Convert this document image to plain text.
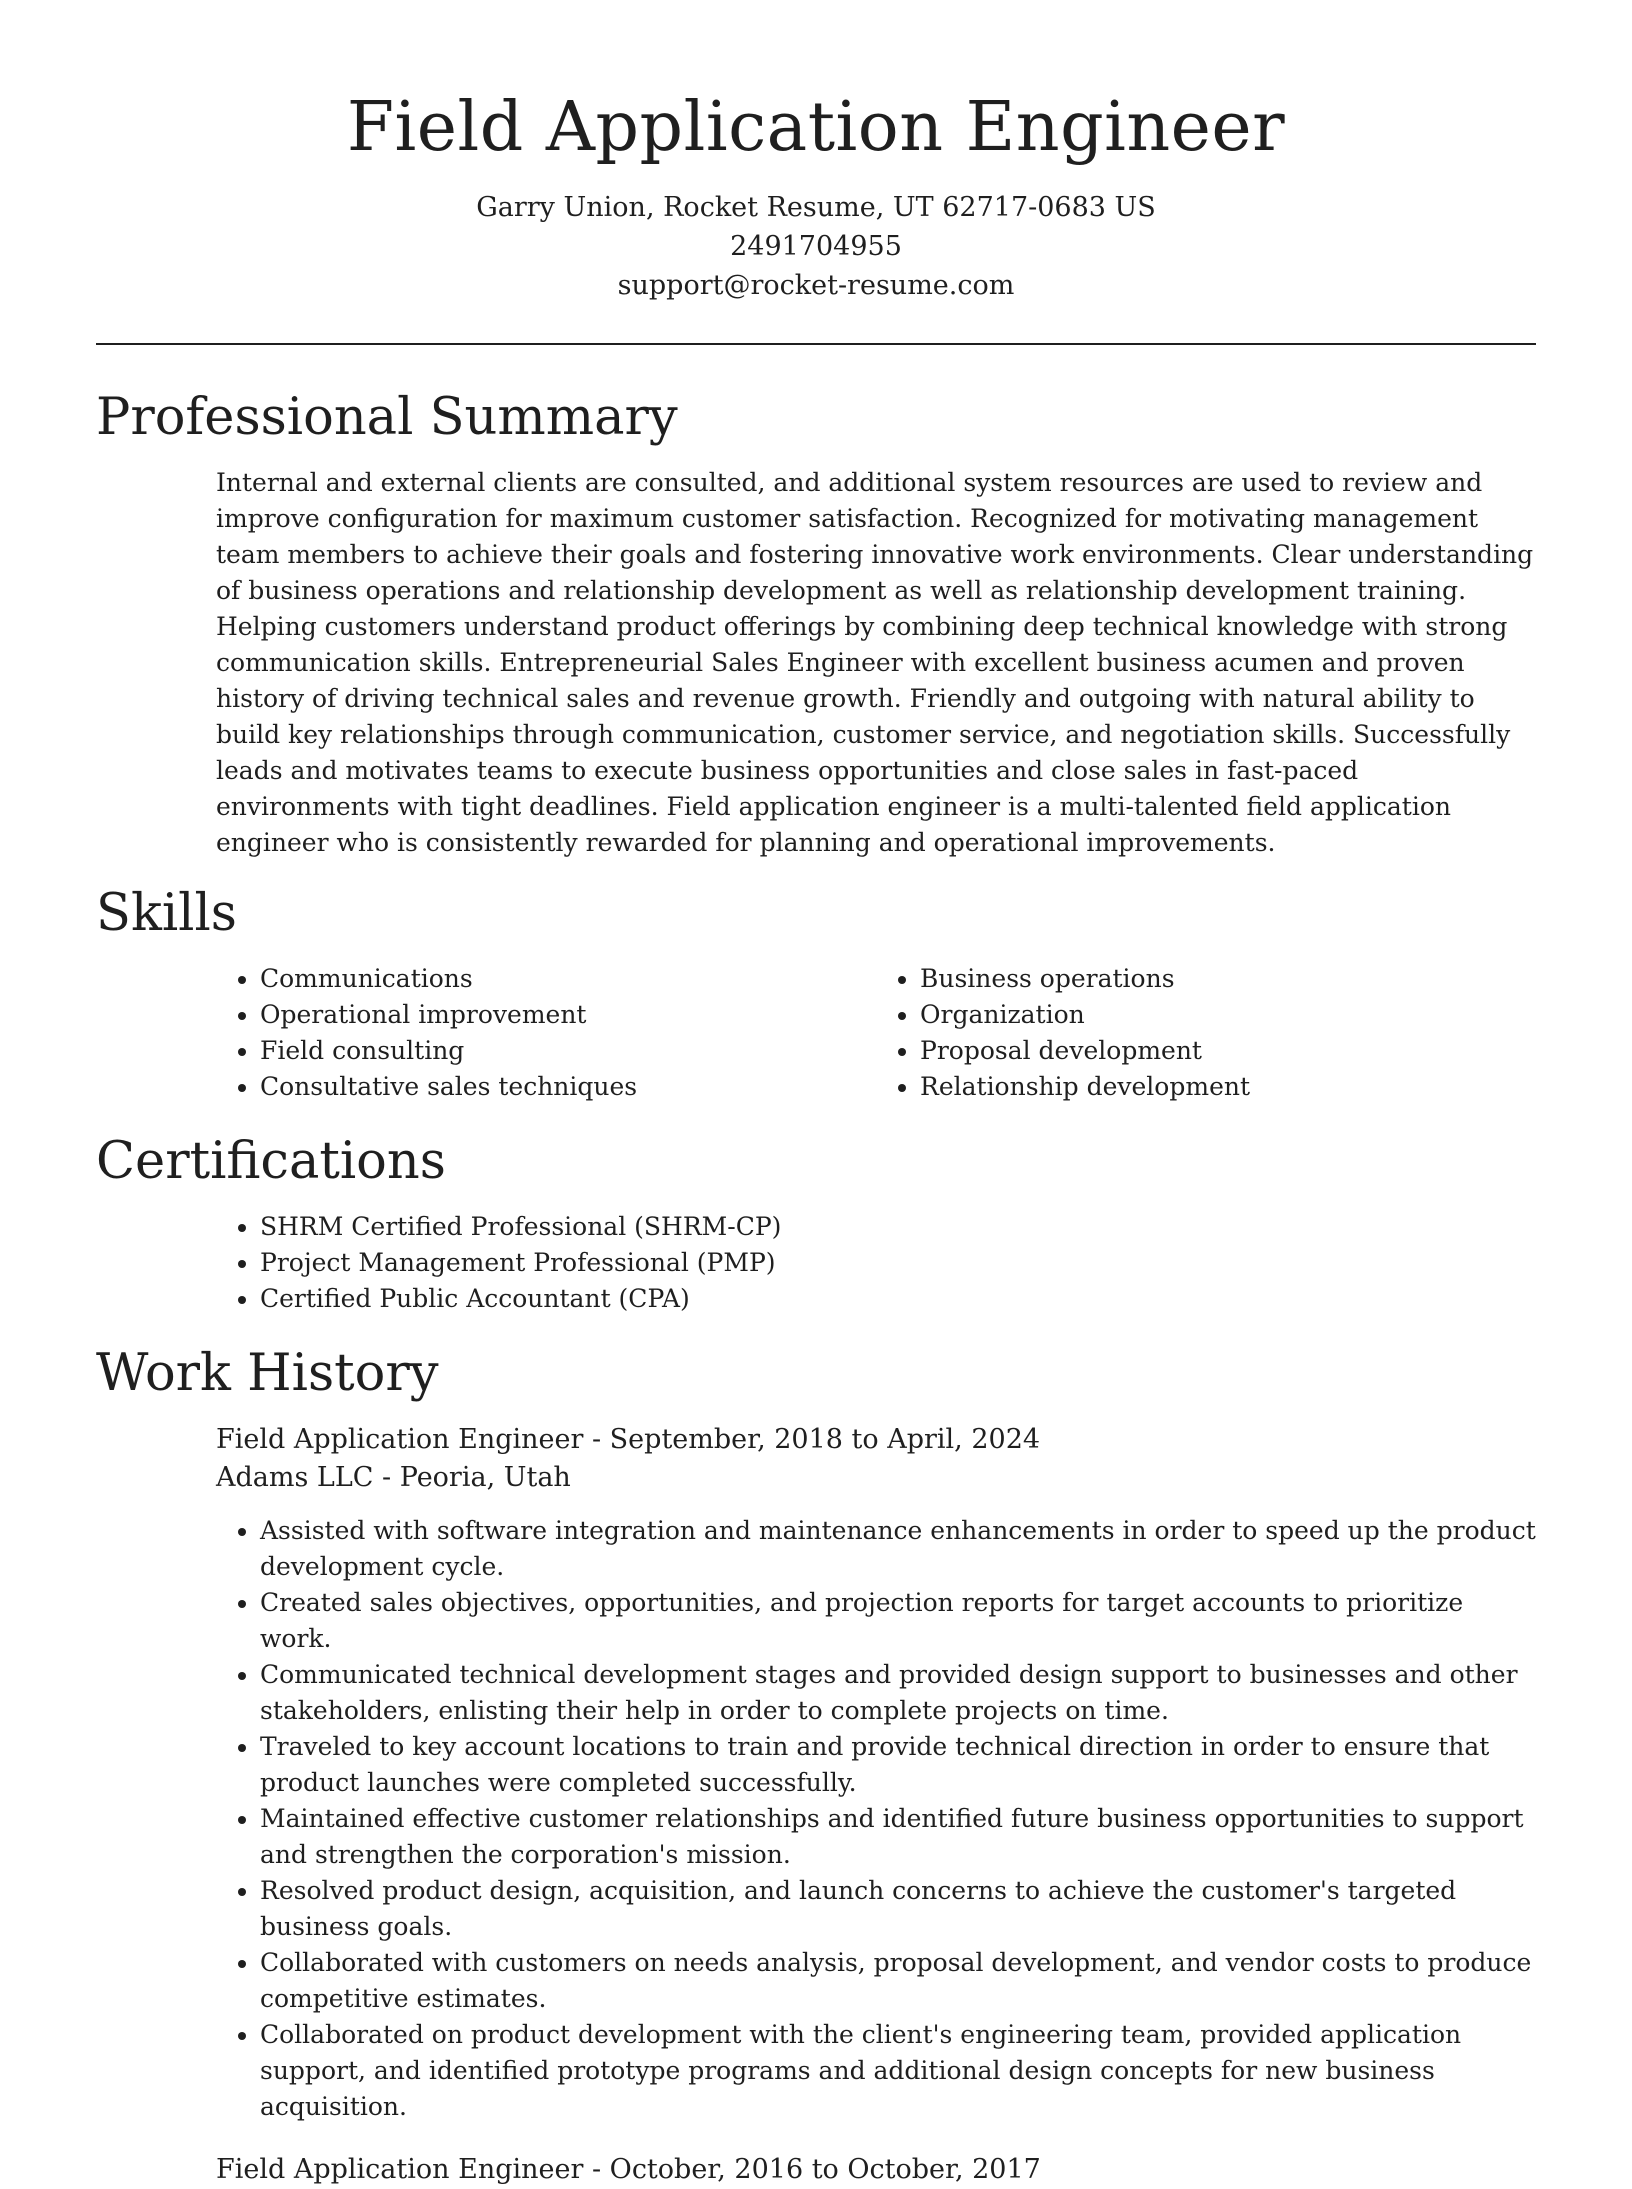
Field Application Engineer
Garry Union, Rocket Resume, UT 62717-0683 US
2491704955
support@rocket-resume.com
Professional Summary
Internal and external clients are consulted, and additional system resources are used to review and improve configuration for maximum customer satisfaction. Recognized for motivating management team members to achieve their goals and fostering innovative work environments. Clear understanding of business operations and relationship development as well as relationship development training. Helping customers understand product offerings by combining deep technical knowledge with strong communication skills. Entrepreneurial Sales Engineer with excellent business acumen and proven history of driving technical sales and revenue growth. Friendly and outgoing with natural ability to build key relationships through communication, customer service, and negotiation skills. Successfully leads and motivates teams to execute business opportunities and close sales in fast-paced environments with tight deadlines. Field application engineer is a multi-talented field application engineer who is consistently rewarded for planning and operational improvements.
Skills
• Communications
• Operational improvement
• Field consulting
• Consultative sales techniques
• Business operations
• Organization
• Proposal development
• Relationship development
Certifications
• SHRM Certified Professional (SHRM-CP)
• Project Management Professional (PMP)
• Certified Public Accountant (CPA)
Work History
Field Application Engineer - September, 2018 to April, 2024
Adams LLC - Peoria, Utah
• Assisted with software integration and maintenance enhancements in order to speed up the product development cycle.
• Created sales objectives, opportunities, and projection reports for target accounts to prioritize work.
• Communicated technical development stages and provided design support to businesses and other stakeholders, enlisting their help in order to complete projects on time.
• Traveled to key account locations to train and provide technical direction in order to ensure that product launches were completed successfully.
• Maintained effective customer relationships and identified future business opportunities to support and strengthen the corporation's mission.
• Resolved product design, acquisition, and launch concerns to achieve the customer's targeted business goals.
• Collaborated with customers on needs analysis, proposal development, and vendor costs to produce competitive estimates.
• Collaborated on product development with the client's engineering team, provided application support, and identified prototype programs and additional design concepts for new business acquisition.
Field Application Engineer - October, 2016 to October, 2017
